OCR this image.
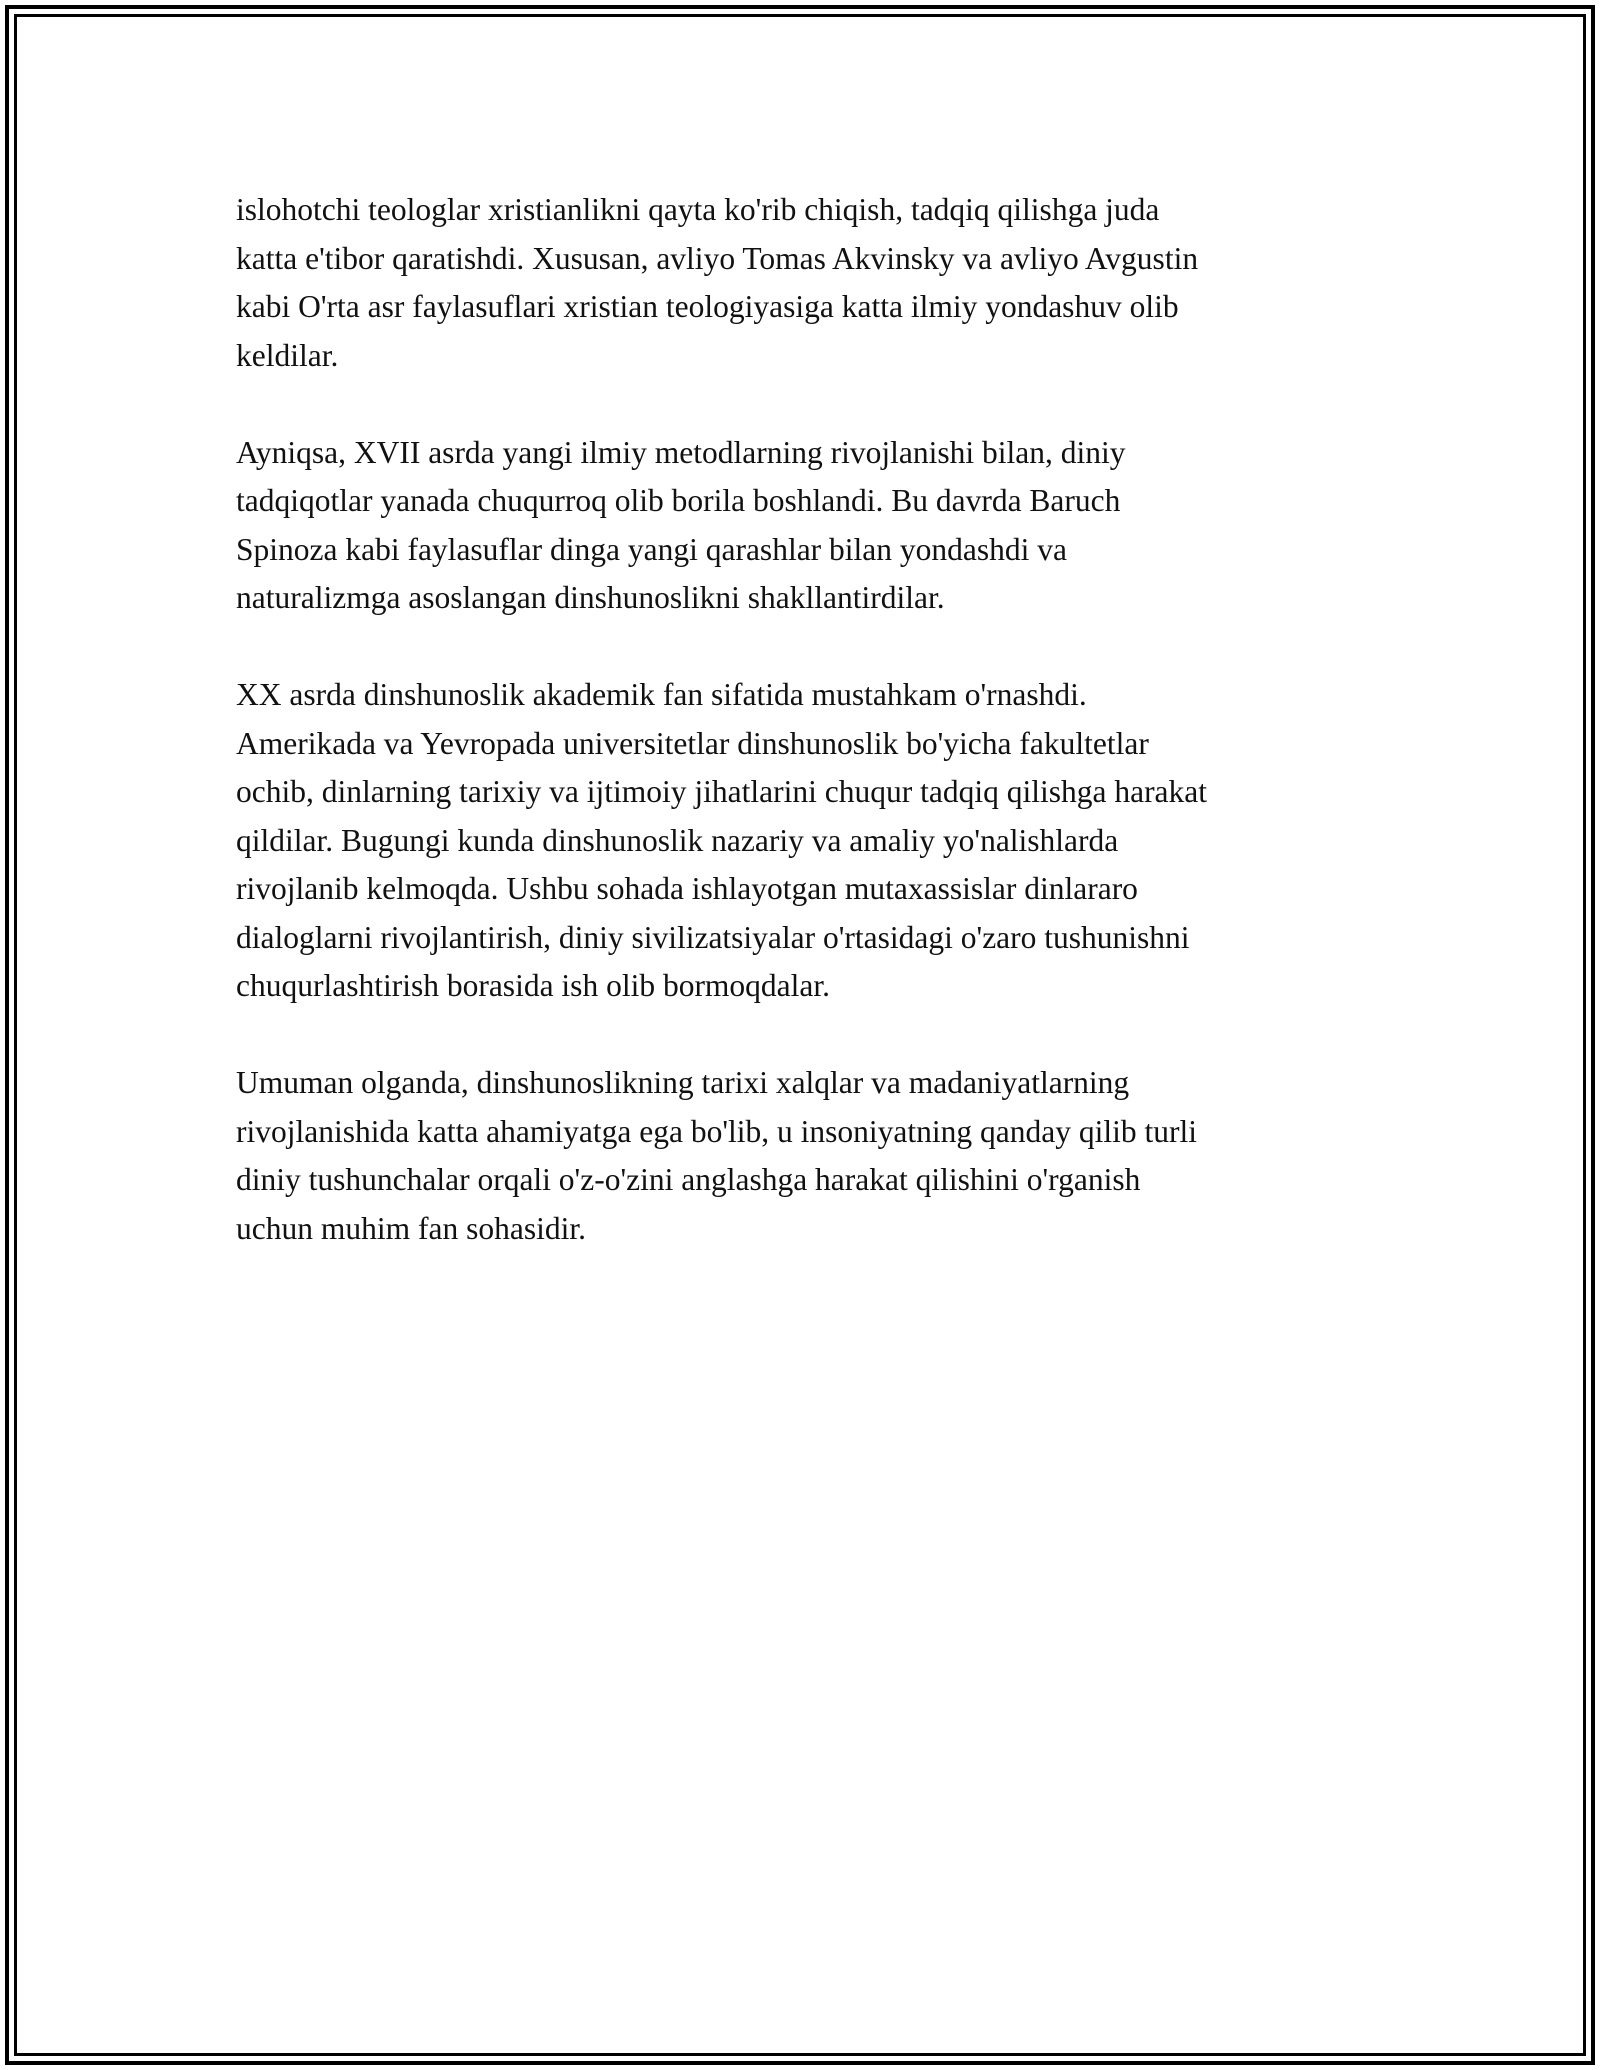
islohotchi teologlar xristianlikni qayta ko'rib chiqish, tadqiq qilishga juda
katta e'tibor qaratishdi. Xususan, avliyo Tomas Akvinsky va avliyo Avgustin
kabi O'rta asr faylasuflari xristian teologiyasiga katta ilmiy yondashuv olib
keldilar.

Ayniqsa, XVII asrda yangi ilmiy metodlarning rivojlanishi bilan, diniy
tadqiqotlar yanada chuqurroq olib borila boshlandi. Bu davrda Baruch
Spinoza kabi faylasuflar dinga yangi qarashlar bilan yondashdi va
naturalizmga asoslangan dinshunoslikni shakllantirdilar.

XX asrda dinshunoslik akademik fan sifatida mustahkam o'rnashdi.
Amerikada va Yevropada universitetlar dinshunoslik bo'yicha fakultetlar
ochib, dinlarning tarixiy va ijtimoiy jihatlarini chuqur tadqiq qilishga harakat
qildilar. Bugungi kunda dinshunoslik nazariy va amaliy yo'nalishlarda
rivojlanib kelmoqda. Ushbu sohada ishlayotgan mutaxassislar dinlararo
dialoglarni rivojlantirish, diniy sivilizatsiyalar o'rtasidagi o'zaro tushunishni
chuqurlashtirish borasida ish olib bormoqdalar.

Umuman olganda, dinshunoslikning tarixi xalqlar va madaniyatlarning
rivojlanishida katta ahamiyatga ega bo'lib, u insoniyatning qanday qilib turli
diniy tushunchalar orqali o'z-o'zini anglashga harakat qilishini o'rganish
uchun muhim fan sohasidir.
